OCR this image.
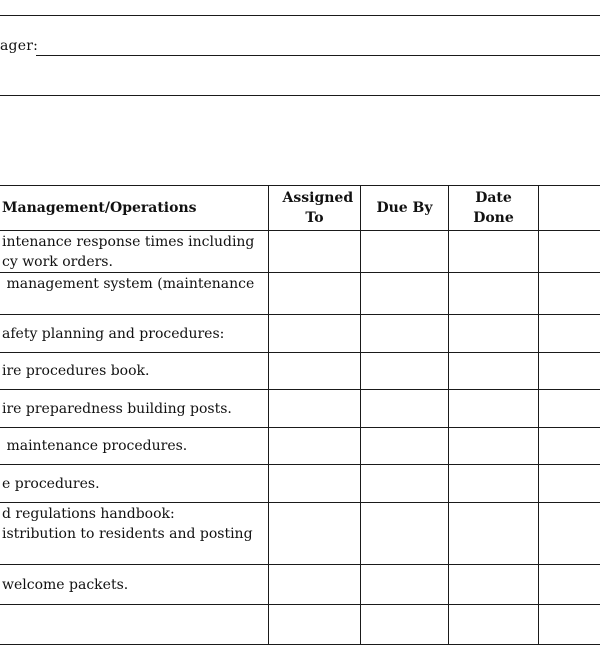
ager:
Management/Operations	Assigned To	Due By	Date Done	

intenance response times including
cy work orders.				

management system (maintenance				

afety planning and procedures:				

ire procedures book.				

ire preparedness building posts.				

maintenance procedures.				

e procedures.				

d regulations handbook:
istribution to residents and posting				

welcome packets.				
